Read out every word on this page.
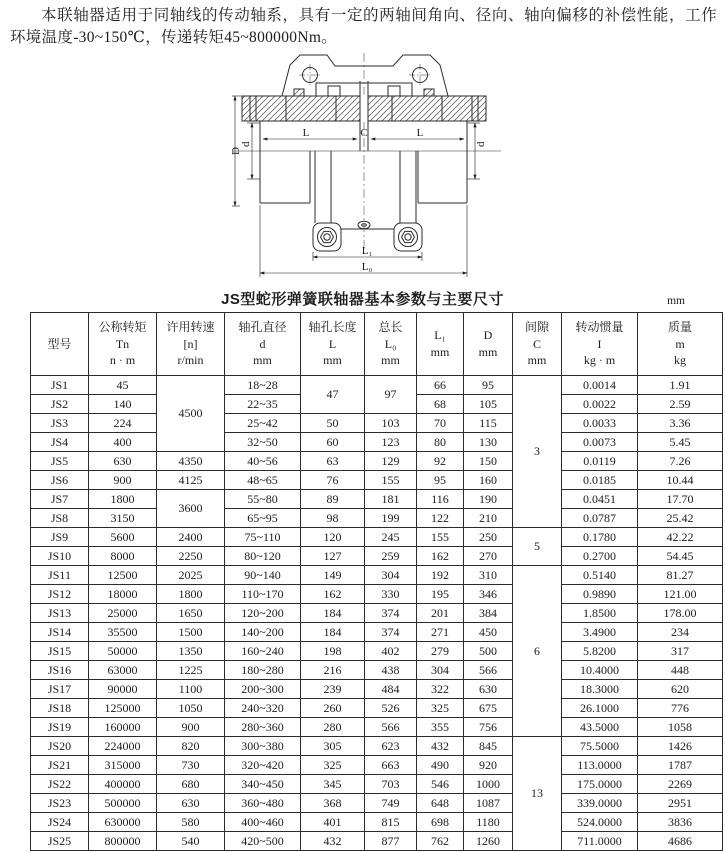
本联轴器适用于同轴线的传动轴系，具有一定的两轴间角向、径向、轴向偏移的补偿性能，工作环境温度-30~150℃，传递转矩45~800000Nm。

D
d	d
L	C	L
L₁
L₀
JS型蛇形弹簧联轴器基本参数与主要尺寸	mm
型号

公称转矩
Tn
n · m

许用转速
[n]
r/min

轴孔直径
d
mm

轴孔长度
L
mm

总长
L₀
mm

L₁
mm

D
mm

间隙
C
mm

转动惯量
I
kg · m

质量
m
kg

JS1	45	4500	18~28	47	97	66	95	3	0.0014	1.91
JS2	140		22~35			68	105		0.0022	2.59
JS3	224		25~42	50	103	70	115		0.0033	3.36
JS4	400		32~50	60	123	80	130		0.0073	5.45
JS5	630	4350	40~56	63	129	92	150		0.0119	7.26
JS6	900	4125	48~65	76	155	95	160		0.0185	10.44
JS7	1800	3600	55~80	89	181	116	190		0.0451	17.70
JS8	3150		65~95	98	199	122	210		0.0787	25.42
JS9	5600	2400	75~110	120	245	155	250	5	0.1780	42.22
JS10	8000	2250	80~120	127	259	162	270		0.2700	54.45
JS11	12500	2025	90~140	149	304	192	310	6	0.5140	81.27
JS12	18000	1800	110~170	162	330	195	346		0.9890	121.00
JS13	25000	1650	120~200	184	374	201	384		1.8500	178.00
JS14	35500	1500	140~200	184	374	271	450		3.4900	234
JS15	50000	1350	160~240	198	402	279	500		5.8200	317
JS16	63000	1225	180~280	216	438	304	566		10.4000	448
JS17	90000	1100	200~300	239	484	322	630		18.3000	620
JS18	125000	1050	240~320	260	526	325	675		26.1000	776
JS19	160000	900	280~360	280	566	355	756		43.5000	1058
JS20	224000	820	300~380	305	623	432	845	13	75.5000	1426
JS21	315000	730	320~420	325	663	490	920		113.0000	1787
JS22	400000	680	340~450	345	703	546	1000		175.0000	2269
JS23	500000	630	360~480	368	749	648	1087		339.0000	2951
JS24	630000	580	400~460	401	815	698	1180		524.0000	3836
JS25	800000	540	420~500	432	877	762	1260		711.0000	4686
